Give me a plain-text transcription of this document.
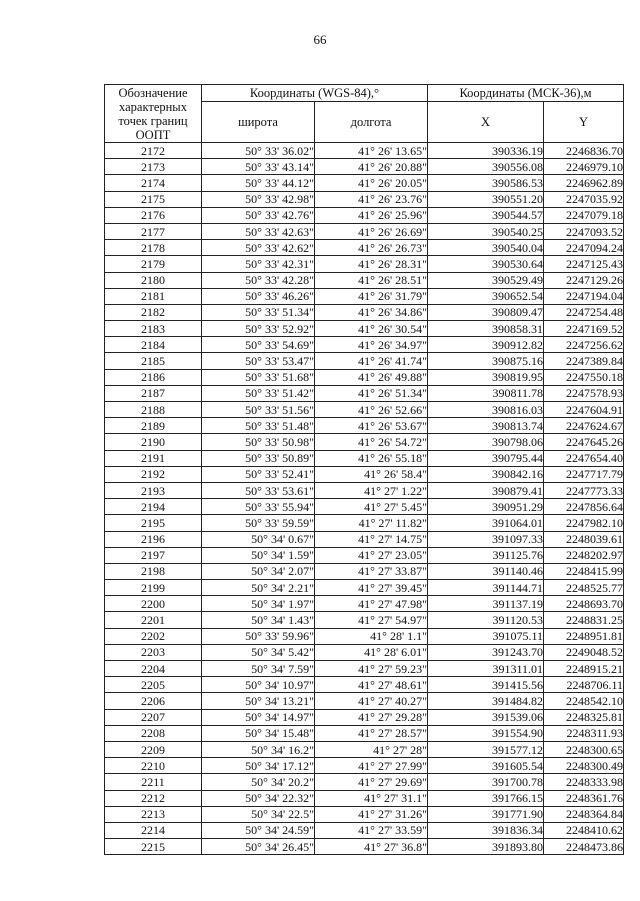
66
Обозначение характерных точек границ ООПТ	Координаты (WGS-84),°		Координаты (МСК-36),м	
	широта	долгота	X	Y
2172	50° 33' 36.02"	41° 26' 13.65"	390336.19	2246836.70
2173	50° 33' 43.14"	41° 26' 20.88"	390556.08	2246979.10
2174	50° 33' 44.12"	41° 26' 20.05"	390586.53	2246962.89
2175	50° 33' 42.98"	41° 26' 23.76"	390551.20	2247035.92
2176	50° 33' 42.76"	41° 26' 25.96"	390544.57	2247079.18
2177	50° 33' 42.63"	41° 26' 26.69"	390540.25	2247093.52
2178	50° 33' 42.62"	41° 26' 26.73"	390540.04	2247094.24
2179	50° 33' 42.31"	41° 26' 28.31"	390530.64	2247125.43
2180	50° 33' 42.28"	41° 26' 28.51"	390529.49	2247129.26
2181	50° 33' 46.26"	41° 26' 31.79"	390652.54	2247194.04
2182	50° 33' 51.34"	41° 26' 34.86"	390809.47	2247254.48
2183	50° 33' 52.92"	41° 26' 30.54"	390858.31	2247169.52
2184	50° 33' 54.69"	41° 26' 34.97"	390912.82	2247256.62
2185	50° 33' 53.47"	41° 26' 41.74"	390875.16	2247389.84
2186	50° 33' 51.68"	41° 26' 49.88"	390819.95	2247550.18
2187	50° 33' 51.42"	41° 26' 51.34"	390811.78	2247578.93
2188	50° 33' 51.56"	41° 26' 52.66"	390816.03	2247604.91
2189	50° 33' 51.48"	41° 26' 53.67"	390813.74	2247624.67
2190	50° 33' 50.98"	41° 26' 54.72"	390798.06	2247645.26
2191	50° 33' 50.89"	41° 26' 55.18"	390795.44	2247654.40
2192	50° 33' 52.41"	41° 26' 58.4"	390842.16	2247717.79
2193	50° 33' 53.61"	41° 27' 1.22"	390879.41	2247773.33
2194	50° 33' 55.94"	41° 27' 5.45"	390951.29	2247856.64
2195	50° 33' 59.59"	41° 27' 11.82"	391064.01	2247982.10
2196	50° 34' 0.67"	41° 27' 14.75"	391097.33	2248039.61
2197	50° 34' 1.59"	41° 27' 23.05"	391125.76	2248202.97
2198	50° 34' 2.07"	41° 27' 33.87"	391140.46	2248415.99
2199	50° 34' 2.21"	41° 27' 39.45"	391144.71	2248525.77
2200	50° 34' 1.97"	41° 27' 47.98"	391137.19	2248693.70
2201	50° 34' 1.43"	41° 27' 54.97"	391120.53	2248831.25
2202	50° 33' 59.96"	41° 28' 1.1"	391075.11	2248951.81
2203	50° 34' 5.42"	41° 28' 6.01"	391243.70	2249048.52
2204	50° 34' 7.59"	41° 27' 59.23"	391311.01	2248915.21
2205	50° 34' 10.97"	41° 27' 48.61"	391415.56	2248706.11
2206	50° 34' 13.21"	41° 27' 40.27"	391484.82	2248542.10
2207	50° 34' 14.97"	41° 27' 29.28"	391539.06	2248325.81
2208	50° 34' 15.48"	41° 27' 28.57"	391554.90	2248311.93
2209	50° 34' 16.2"	41° 27' 28"	391577.12	2248300.65
2210	50° 34' 17.12"	41° 27' 27.99"	391605.54	2248300.49
2211	50° 34' 20.2"	41° 27' 29.69"	391700.78	2248333.98
2212	50° 34' 22.32"	41° 27' 31.1"	391766.15	2248361.76
2213	50° 34' 22.5"	41° 27' 31.26"	391771.90	2248364.84
2214	50° 34' 24.59"	41° 27' 33.59"	391836.34	2248410.62
2215	50° 34' 26.45"	41° 27' 36.8"	391893.80	2248473.86
